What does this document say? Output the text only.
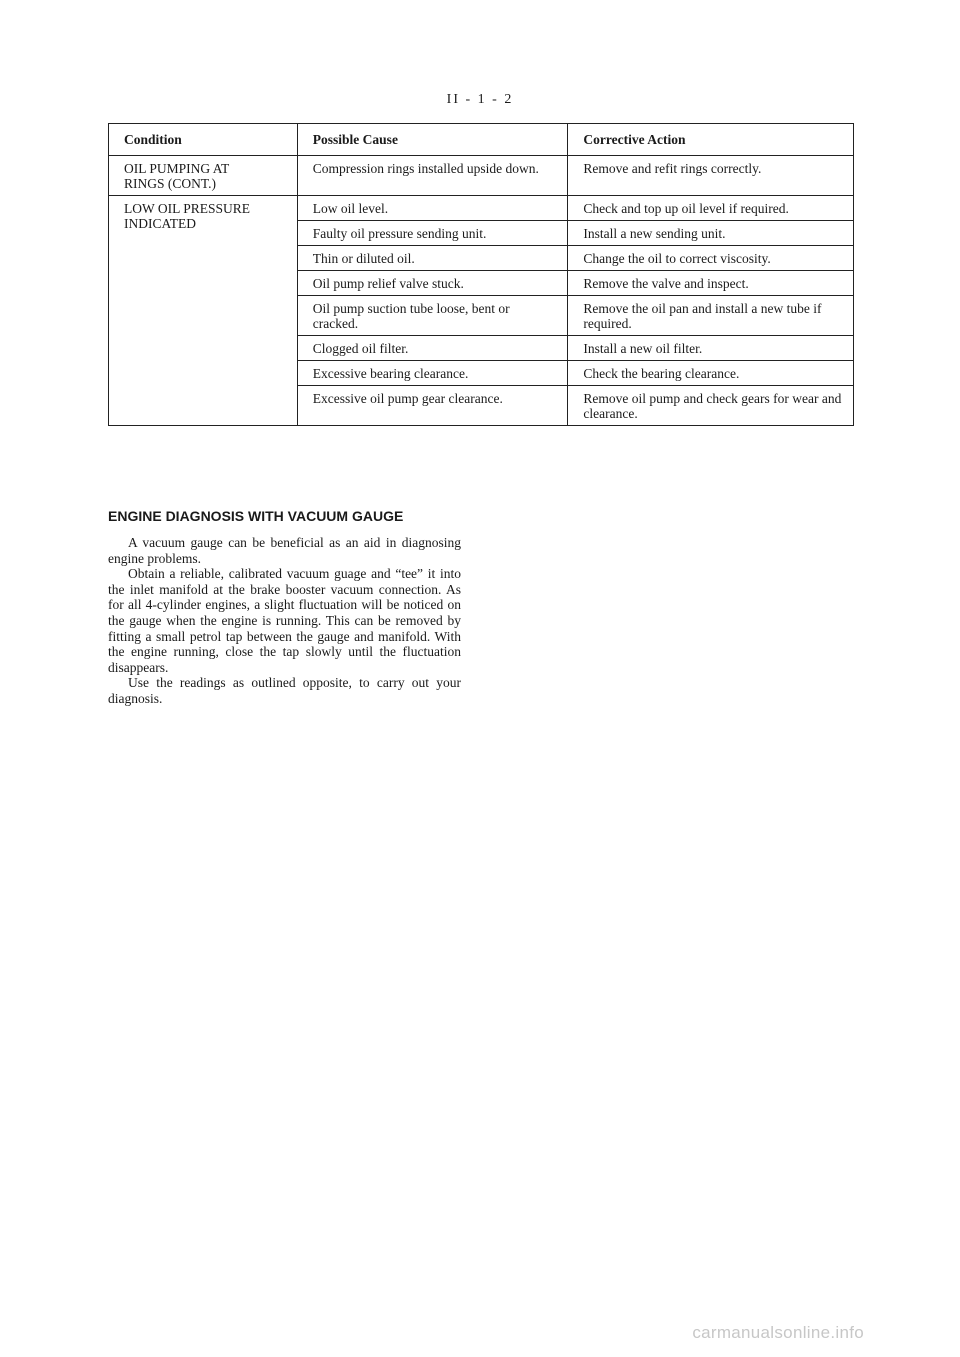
II - 1 - 2
Condition	Possible Cause	Corrective Action
OIL PUMPING AT
RINGS (CONT.)	Compression rings installed upside down.	Remove and refit rings correctly.
LOW OIL PRESSURE
INDICATED	Low oil level.	Check and top up oil level if required.
	Faulty oil pressure sending unit.	Install a new sending unit.
	Thin or diluted oil.	Change the oil to correct viscosity.
	Oil pump relief valve stuck.	Remove the valve and inspect.
	Oil pump suction tube loose, bent or cracked.	Remove the oil pan and install a new tube if required.
	Clogged oil filter.	Install a new oil filter.
	Excessive bearing clearance.	Check the bearing clearance.
	Excessive oil pump gear clearance.	Remove oil pump and check gears for wear and clearance.
ENGINE DIAGNOSIS WITH VACUUM GAUGE

A vacuum gauge can be beneficial as an aid in diagnosing engine problems.

Obtain a reliable, calibrated vacuum guage and “tee” it into the inlet manifold at the brake booster vacuum connection. As for all 4-cylinder engines, a slight fluctuation will be noticed on the gauge when the engine is running. This can be removed by fitting a small petrol tap between the gauge and manifold. With the engine running, close the tap slowly until the fluctuation disappears.

Use the readings as outlined opposite, to carry out your diagnosis.

carmanualsonline.info
